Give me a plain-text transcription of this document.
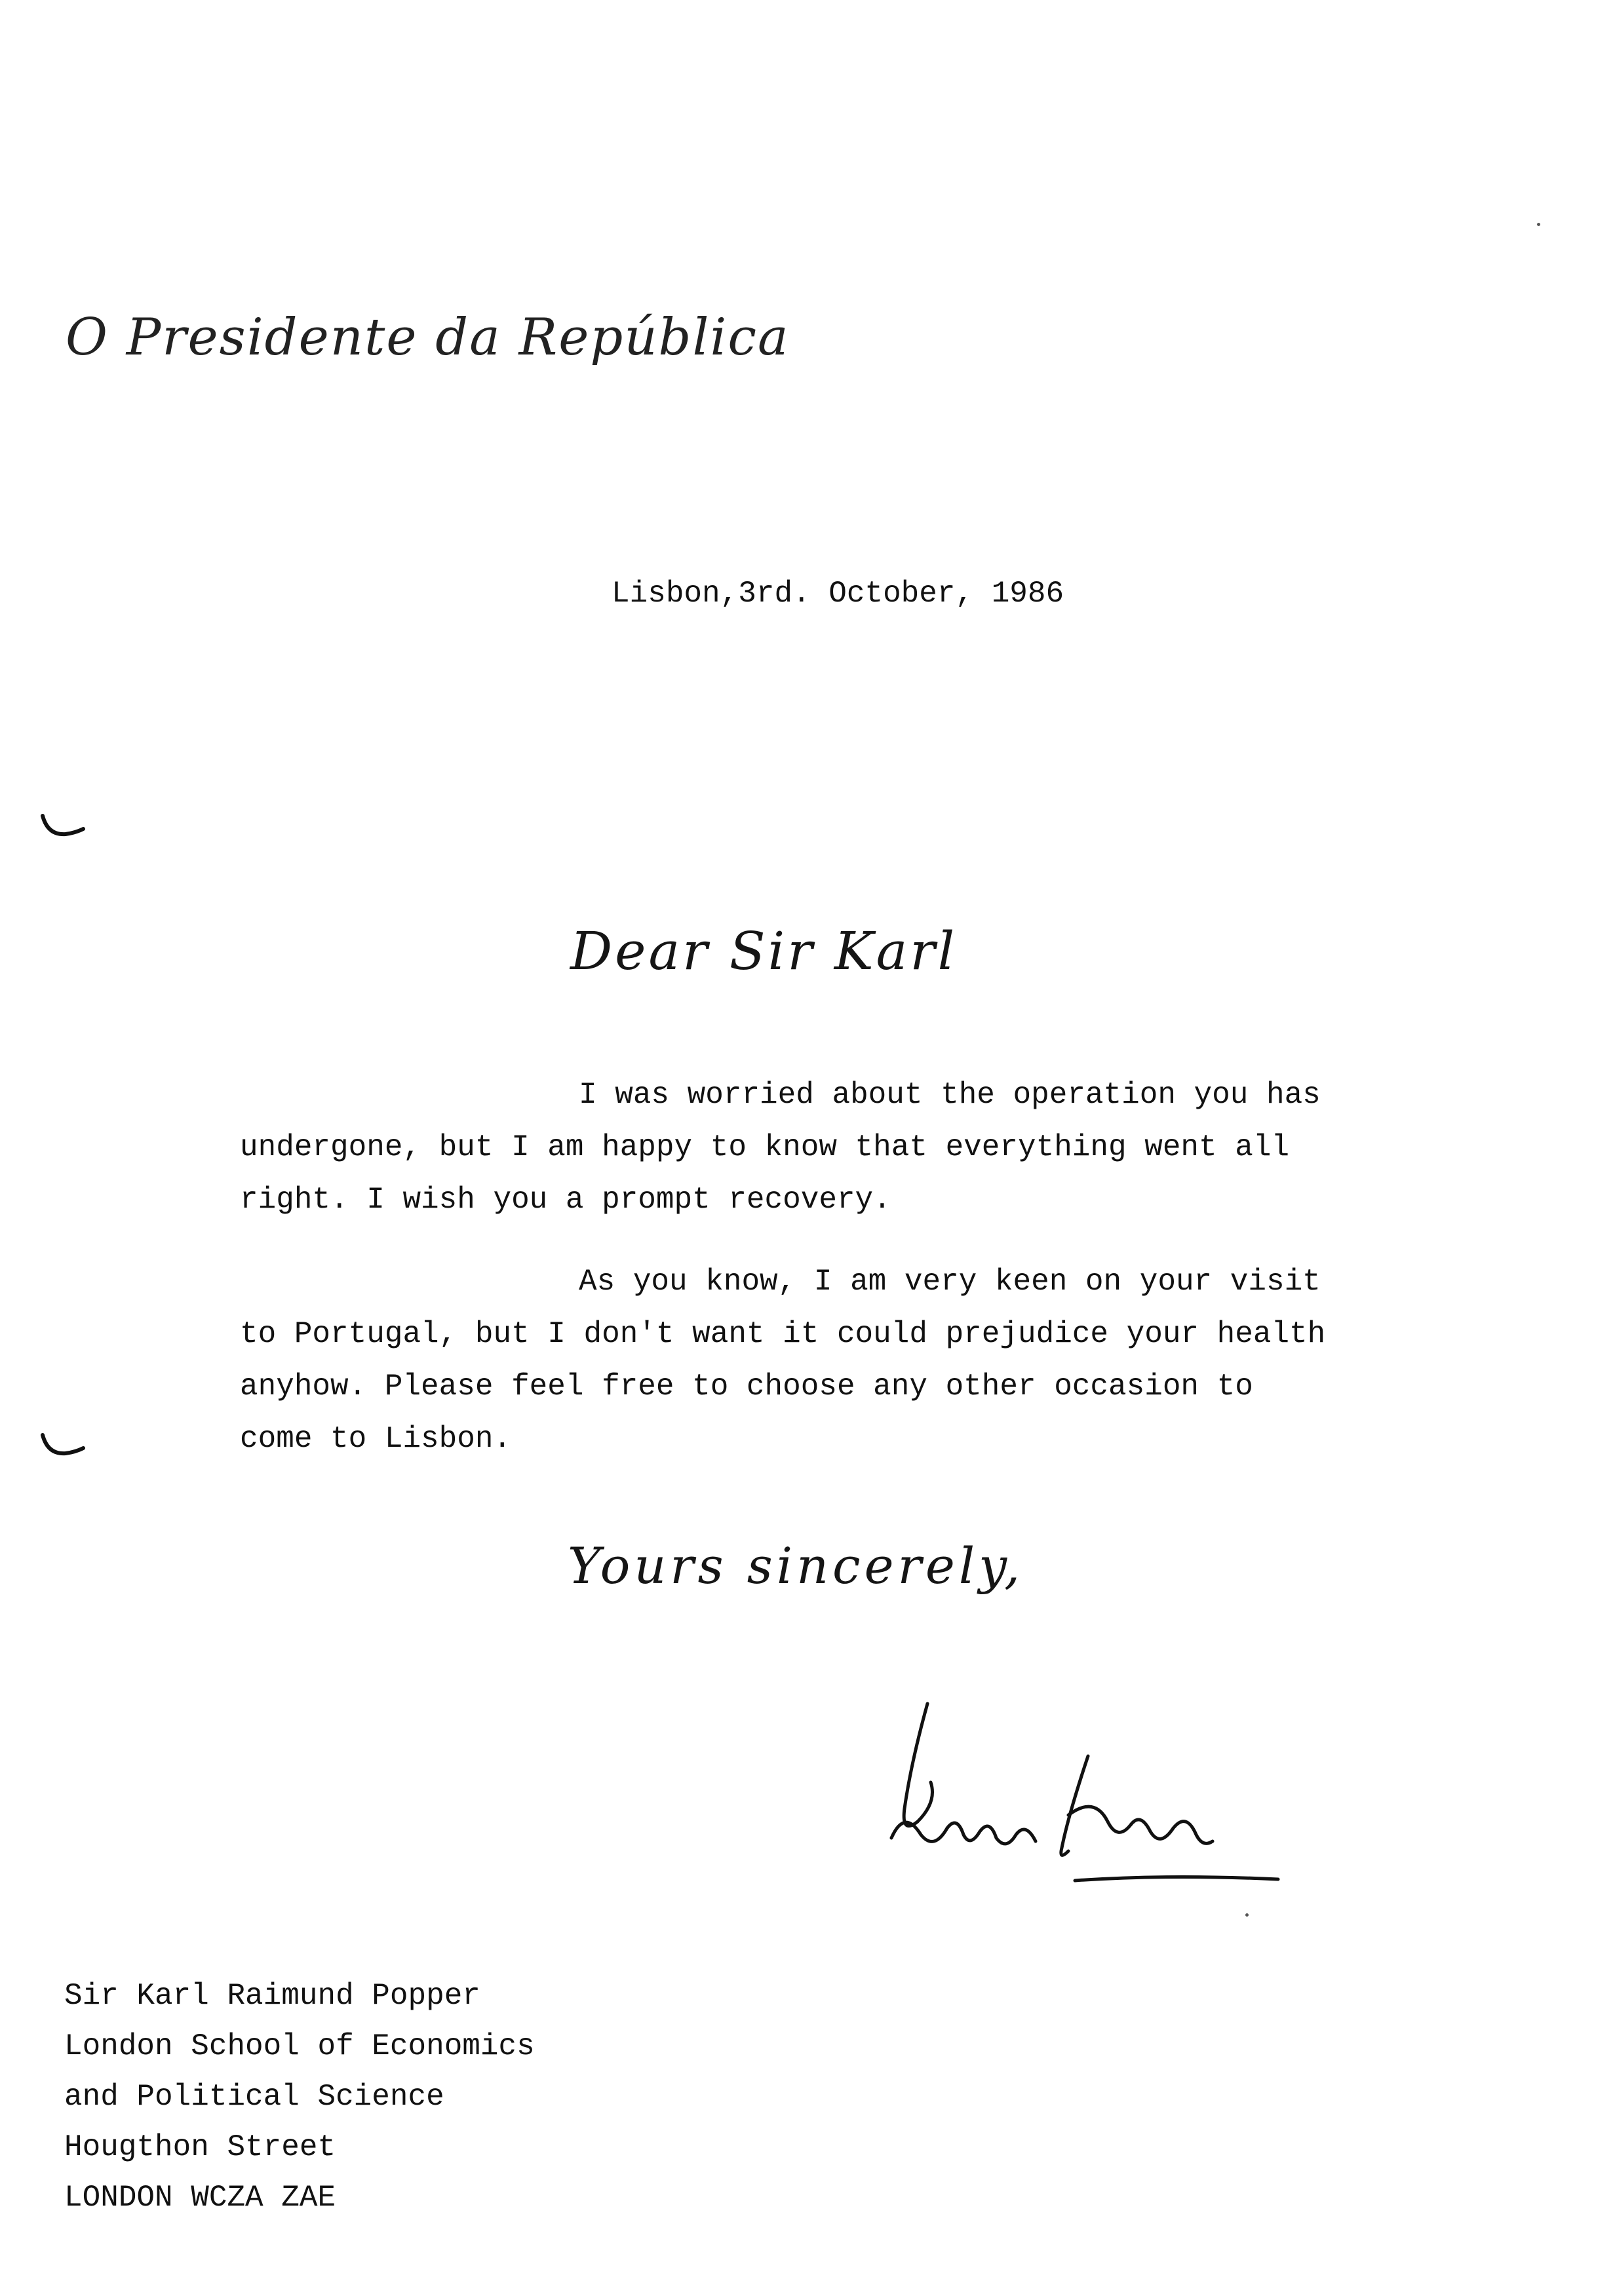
O Presidente da República
Lisbon,3rd. October, 1986
Dear Sir Karl
I was worried about the operation you has
undergone, but I am happy to know that everything went all
right. I wish you a prompt recovery.
As you know, I am very keen on your visit
to Portugal, but I don't want it could prejudice your health
anyhow. Please feel free to choose any other occasion to
come to Lisbon.
Yours sincerely,
Sir Karl Raimund Popper
London School of Economics
and Political Science
Hougthon Street
LONDON WCZA ZAE
